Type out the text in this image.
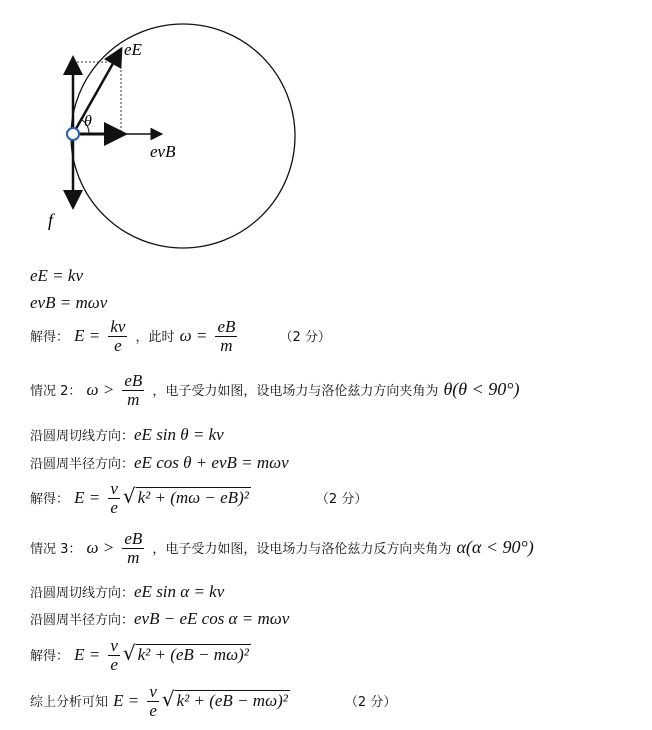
eE
θ
evB
f
eE = kv
evB = mωv
解得： $E = \frac{kv}{e}$ ，此时 $\omega = \frac{eB}{m}$	（2 分）
情况 2： $\omega > \frac{eB}{m}$ ，电子受力如图，设电场力与洛伦兹力方向夹角为 θ(θ < 90°)
沿圆周切线方向：eE sin θ = kv
沿圆周半径方向：eE cos θ + evB = mωv
解得： $E = \frac{v}{e}$ √ k² + (mω − eB)²	（2 分）
情况 3： $\omega > \frac{eB}{m}$ ，电子受力如图，设电场力与洛伦兹力反方向夹角为 α(α < 90°)
沿圆周切线方向：eE sin α = kv
沿圆周半径方向：evB − eE cos α = mωv
解得： $E = \frac{v}{e}$ √ k² + (eB − mω)²
综上分析可知 $E = \frac{v}{e}$ √ k² + (eB − mω)²	（2 分）
